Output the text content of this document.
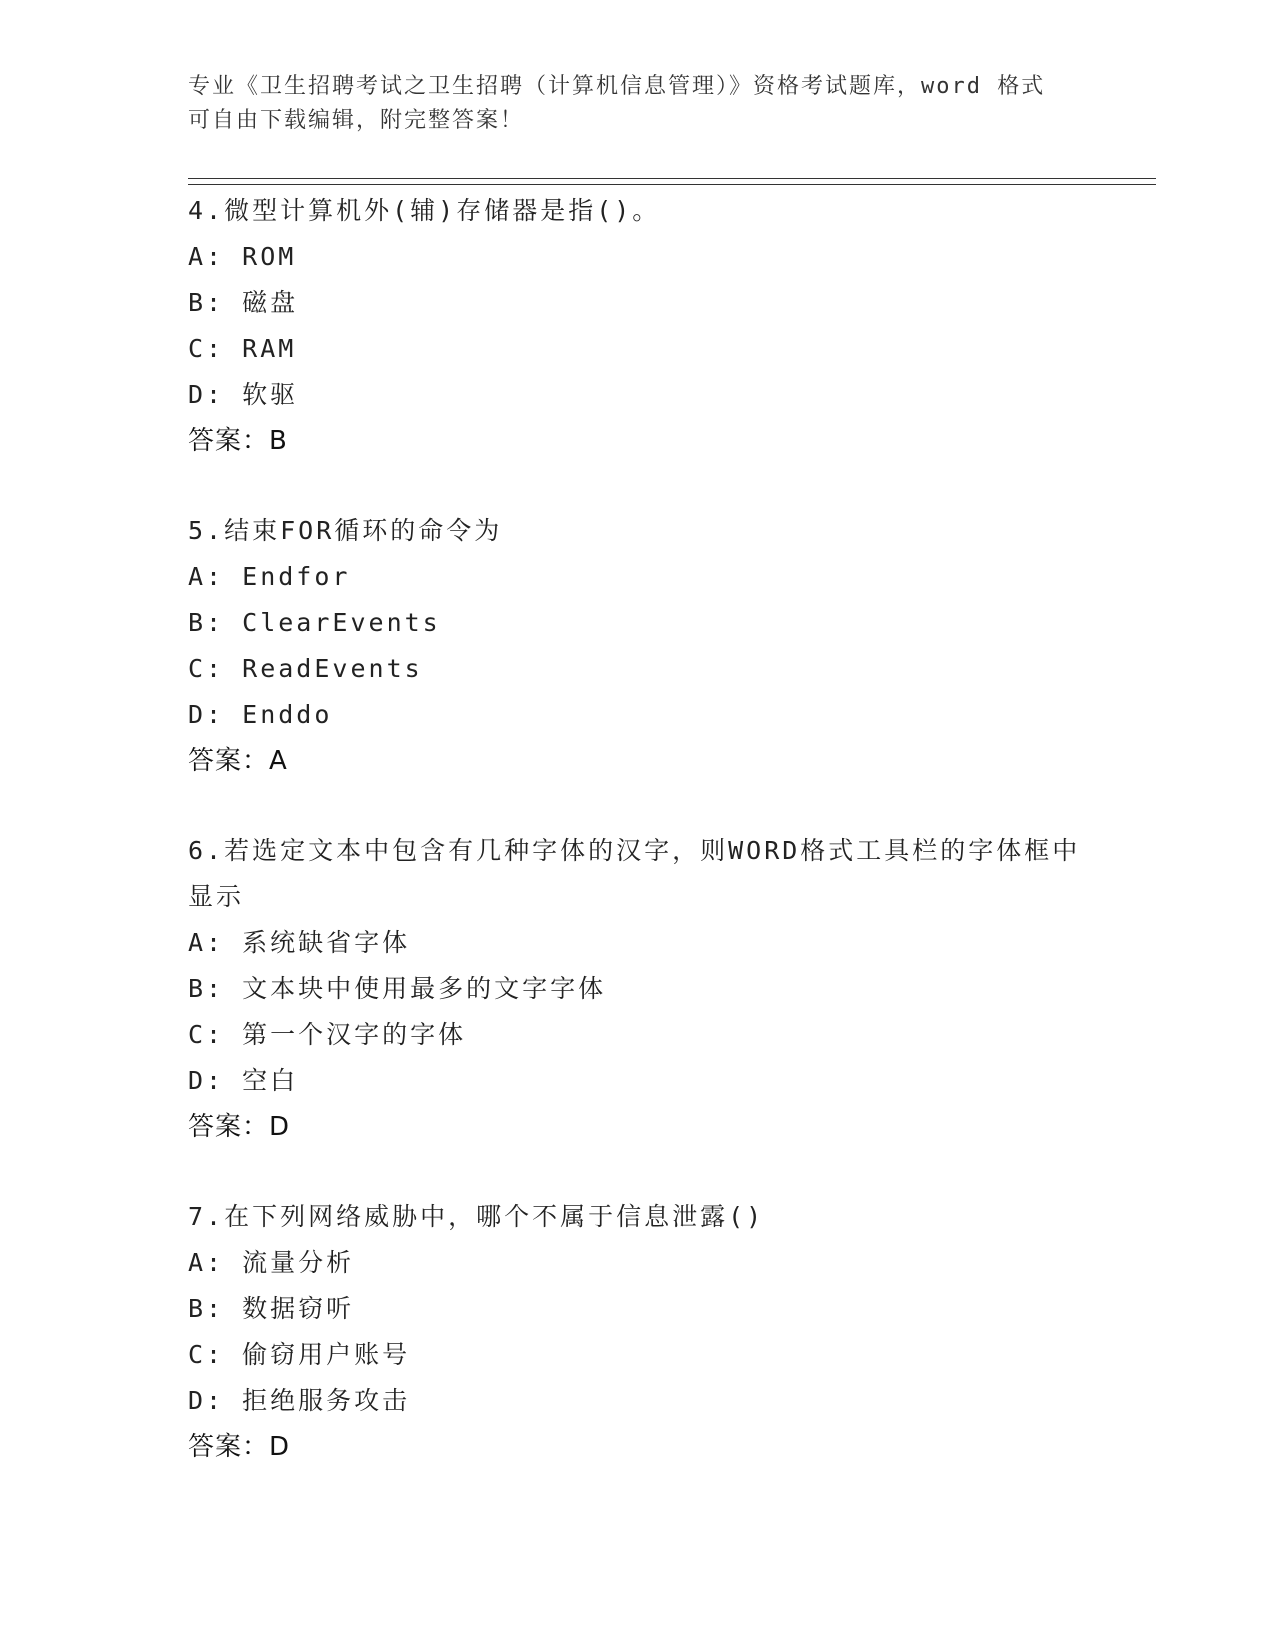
专业《卫生招聘考试之卫生招聘（计算机信息管理）》资格考试题库，word 格式
可自由下载编辑，附完整答案！
4.微型计算机外(辅)存储器是指()。
A: ROM
B: 磁盘
C: RAM
D: 软驱
答案：B
5.结束FOR循环的命令为
A: Endfor
B: ClearEvents
C: ReadEvents
D: Enddo
答案：A
6.若选定文本中包含有几种字体的汉字，则WORD格式工具栏的字体框中显示
A: 系统缺省字体
B: 文本块中使用最多的文字字体
C: 第一个汉字的字体
D: 空白
答案：D
7.在下列网络威胁中，哪个不属于信息泄露()
A: 流量分析
B: 数据窃听
C: 偷窃用户账号
D: 拒绝服务攻击
答案：D
